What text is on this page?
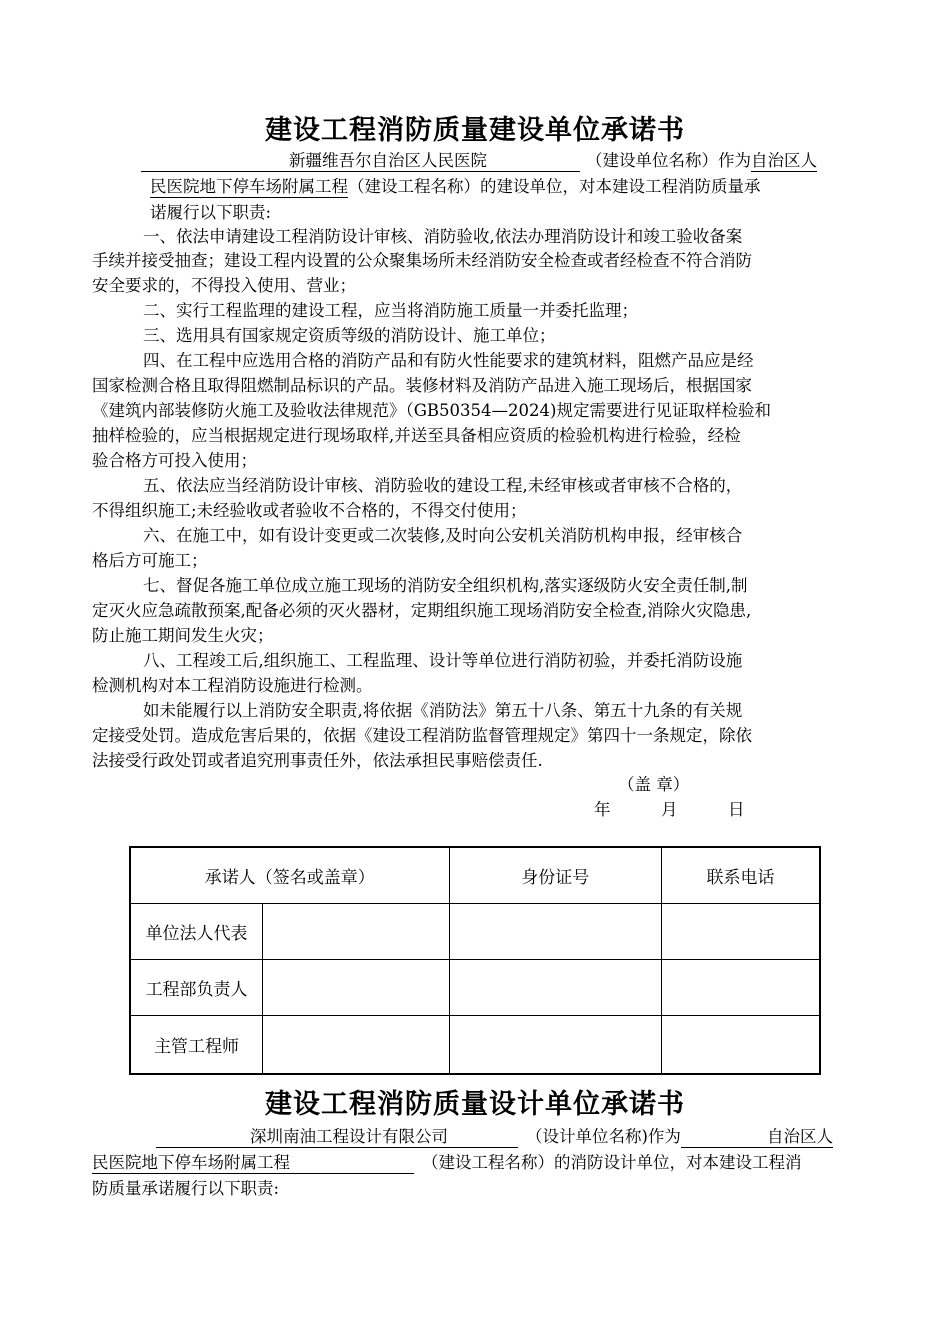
建设工程消防质量建设单位承诺书
新疆维吾尔自治区人民医院	（建设单位名称）作为自治区人
民医院地下停车场附属工程（建设工程名称）的建设单位，对本建设工程消防质量承
诺履行以下职责:
一、依法申请建设工程消防设计审核、消防验收,依法办理消防设计和竣工验收备案
手续并接受抽查；建设工程内设置的公众聚集场所未经消防安全检查或者经检查不符合消防
安全要求的，不得投入使用、营业；
二、实行工程监理的建设工程，应当将消防施工质量一并委托监理；
三、选用具有国家规定资质等级的消防设计、施工单位；
四、在工程中应选用合格的消防产品和有防火性能要求的建筑材料，阻燃产品应是经
国家检测合格且取得阻燃制品标识的产品。装修材料及消防产品进入施工现场后，根据国家
《建筑内部装修防火施工及验收法律规范》（GB50354—2024)规定需要进行见证取样检验和
抽样检验的，应当根据规定进行现场取样,并送至具备相应资质的检验机构进行检验，经检
验合格方可投入使用；
五、依法应当经消防设计审核、消防验收的建设工程,未经审核或者审核不合格的，
不得组织施工;未经验收或者验收不合格的，不得交付使用；
六、在施工中，如有设计变更或二次装修,及时向公安机关消防机构申报，经审核合
格后方可施工；
七、督促各施工单位成立施工现场的消防安全组织机构,落实逐级防火安全责任制,制
定灭火应急疏散预案,配备必须的灭火器材，定期组织施工现场消防安全检查,消除火灾隐患,
防止施工期间发生火灾；
八、工程竣工后,组织施工、工程监理、设计等单位进行消防初验，并委托消防设施
检测机构对本工程消防设施进行检测。
如未能履行以上消防安全职责,将依据《消防法》第五十八条、第五十九条的有关规
定接受处罚。造成危害后果的，依据《建设工程消防监督管理规定》第四十一条规定，除依
法接受行政处罚或者追究刑事责任外，依法承担民事赔偿责任.
（盖 章）
年	月	日
承诺人（签名或盖章）		身份证号	联系电话
单位法人代表			
工程部负责人			
主管工程师			
建设工程消防质量设计单位承诺书
深圳南油工程设计有限公司	（设计单位名称)作为	自治区人
民医院地下停车场附属工程	（建设工程名称）的消防设计单位，对本建设工程消
防质量承诺履行以下职责:
